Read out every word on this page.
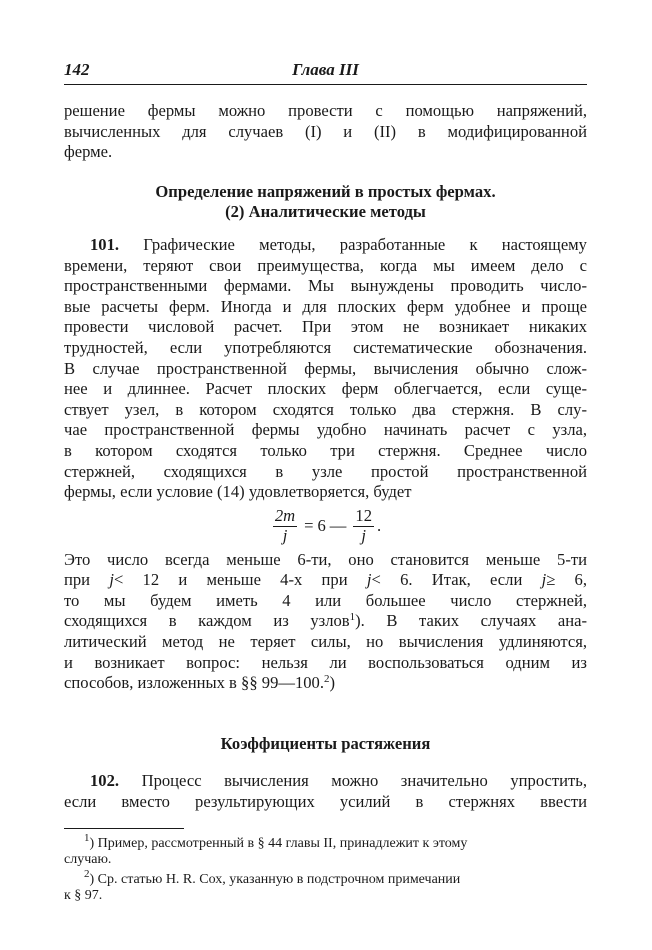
142	Глава III

решение фермы можно провести с помощью напряжений,

вычисленных для случаев (I) и (II) в модифицированной

ферме.

Определение напряжений в простых фермах.
(2) Аналитические методы

101. Графические методы, разработанные к настоящему

времени, теряют свои преимущества, когда мы имеем дело с

пространственными фермами. Мы вынуждены проводить число-

вые расчеты ферм. Иногда и для плоских ферм удобнее и проще

провести числовой расчет. При этом не возникает никаких

трудностей, если употребляются систематические обозначения.

В случае пространственной фермы, вычисления обычно слож-

нее и длиннее. Расчет плоских ферм облегчается, если суще-

ствует узел, в котором сходятся только два стержня. В слу-

чае пространственной фермы удобно начинать расчет с узла,

в котором сходятся только три стержня. Среднее число

стержней, сходящихся в узле простой пространственной

фермы, если условие (14) удовлетворяется, будет

$\frac{2m}{j} = 6$ — $\frac{12}{j}$ .

Это число всегда меньше 6-ти, оно становится меньше 5-ти

при j< 12 и меньше 4-х при j< 6. Итак, если j≥ 6,

то мы будем иметь 4 или большее число стержней,

сходящихся в каждом из узлов$^1$). В таких случаях ана-

литический метод не теряет силы, но вычисления удлиняются,

и возникает вопрос: нельзя ли воспользоваться одним из

способов, изложенных в §§ 99—100.$^2$)

Коэффициенты растяжения

102. Процесс вычисления можно значительно упростить,

если вместо результирующих усилий в стержнях ввести

$^1$) Пример, рассмотренный в § 44 главы II, принадлежит к этому
случаю.
$^2$) Ср. статью Н. R. Сох, указанную в подстрочном примечании
к § 97.
